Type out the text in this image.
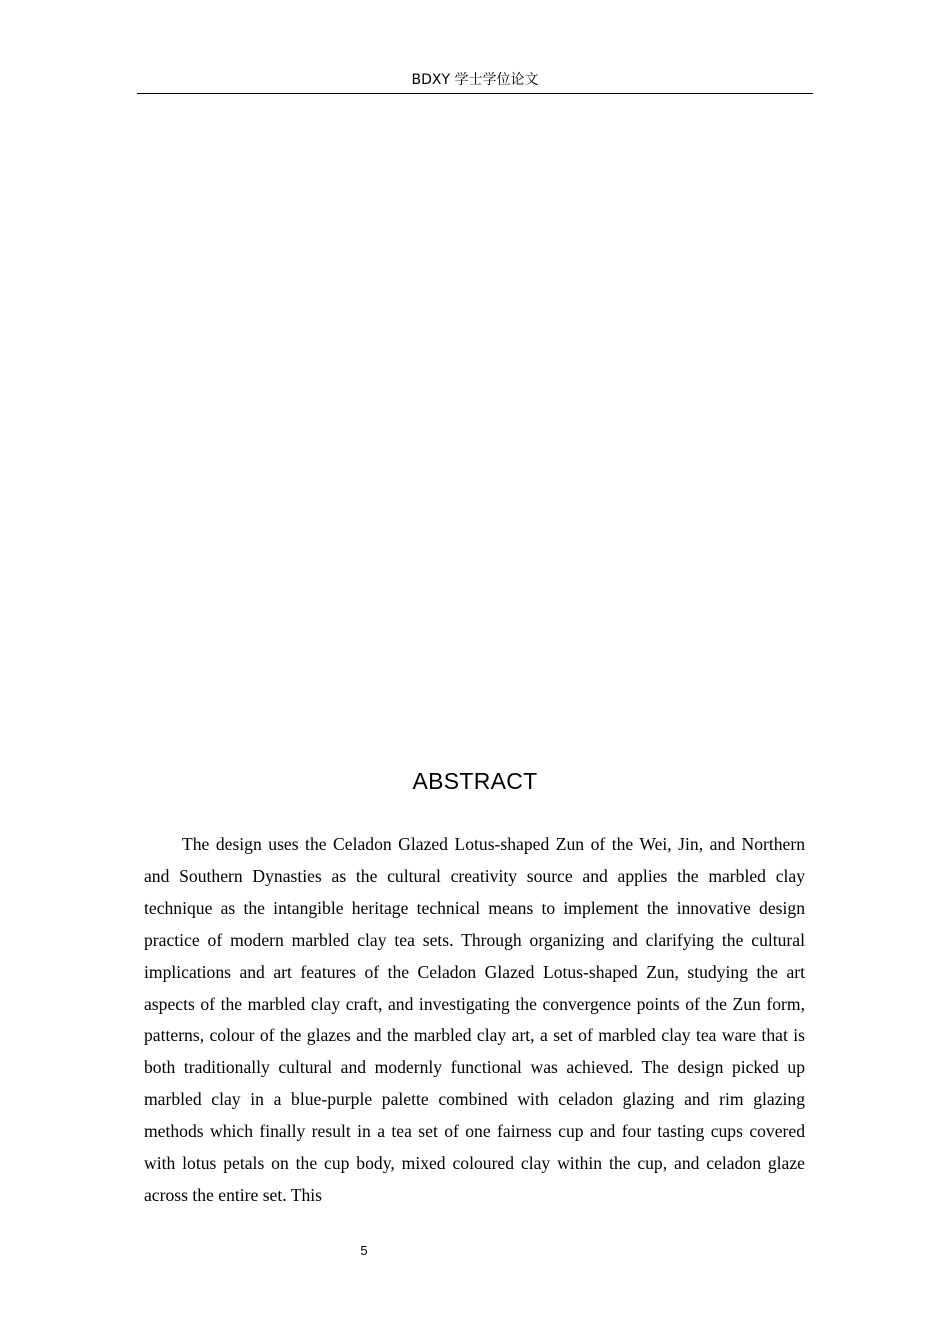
BDXY 学士学位论文
ABSTRACT

The design uses the Celadon Glazed Lotus-shaped Zun of the Wei, Jin, and Northern and Southern Dynasties as the cultural creativity source and applies the marbled clay technique as the intangible heritage technical means to implement the innovative design practice of modern marbled clay tea sets. Through organizing and clarifying the cultural implications and art features of the Celadon Glazed Lotus-shaped Zun, studying the art aspects of the marbled clay craft, and investigating the convergence points of the Zun form, patterns, colour of the glazes and the marbled clay art, a set of marbled clay tea ware that is both traditionally cultural and modernly functional was achieved. The design picked up marbled clay in a blue-purple palette combined with celadon glazing and rim glazing methods which finally result in a tea set of one fairness cup and four tasting cups covered with lotus petals on the cup body, mixed coloured clay within the cup, and celadon glaze across the entire set. This

5
